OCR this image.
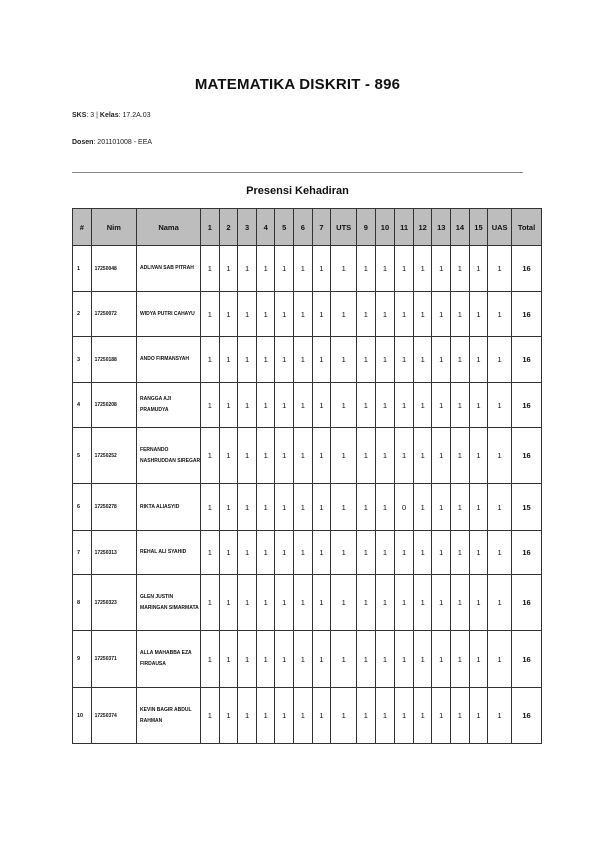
MATEMATIKA DISKRIT - 896
SKS: 3 | Kelas: 17.2A.03
Dosen: 201101008 - EEA
Presensi Kehadiran
#	Nim	Nama	1	2	3	4	5	6	7	UTS	9	10	11	12	13	14	15	UAS	Total
1	17250048	ADLIVAN SAB PITRAH	1	1	1	1	1	1	1	1	1	1	1	1	1	1	1	1	16
2	17250072	WIDYA PUTRI CAHAYU	1	1	1	1	1	1	1	1	1	1	1	1	1	1	1	1	16
3	17250188	ANDO FIRMANSYAH	1	1	1	1	1	1	1	1	1	1	1	1	1	1	1	1	16
4	17250208	RANGGA AJI PRAMUDYA	1	1	1	1	1	1	1	1	1	1	1	1	1	1	1	1	16
5	17250252	FERNANDO NASHRUDDAN SIREGAR	1	1	1	1	1	1	1	1	1	1	1	1	1	1	1	1	16
6	17250278	RIKTA ALIASYID	1	1	1	1	1	1	1	1	1	1	0	1	1	1	1	1	15
7	17250313	REHAL ALI SYAHID	1	1	1	1	1	1	1	1	1	1	1	1	1	1	1	1	16
8	17250323	GLEN JUSTIN MARINGAN SIMARMATA	1	1	1	1	1	1	1	1	1	1	1	1	1	1	1	1	16
9	17250371	ALLA MAHABBA EZA FIRDAUSA	1	1	1	1	1	1	1	1	1	1	1	1	1	1	1	1	16
10	17250374	KEVIN BAGIR ABDUL RAHMAN	1	1	1	1	1	1	1	1	1	1	1	1	1	1	1	1	16
